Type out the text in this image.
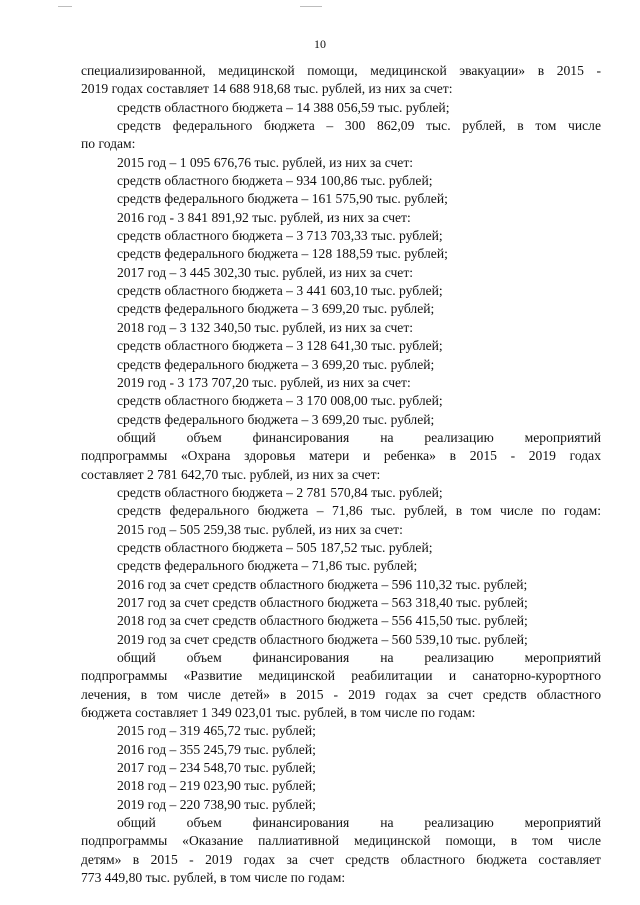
10
специализированной, медицинской помощи, медицинской эвакуации» в 2015 -
2019 годах составляет 14 688 918,68 тыс. рублей, из них за счет:
средств областного бюджета – 14 388 056,59 тыс. рублей;
средств федерального бюджета – 300 862,09 тыс. рублей, в том числе
по годам:
2015 год – 1 095 676,76 тыс. рублей, из них за счет:
средств областного бюджета – 934 100,86 тыс. рублей;
средств федерального бюджета – 161 575,90 тыс. рублей;
2016 год - 3 841 891,92 тыс. рублей, из них за счет:
средств областного бюджета – 3 713 703,33 тыс. рублей;
средств федерального бюджета – 128 188,59 тыс. рублей;
2017 год – 3 445 302,30 тыс. рублей, из них за счет:
средств областного бюджета – 3 441 603,10 тыс. рублей;
средств федерального бюджета – 3 699,20 тыс. рублей;
2018 год – 3 132 340,50 тыс. рублей, из них за счет:
средств областного бюджета – 3 128 641,30 тыс. рублей;
средств федерального бюджета – 3 699,20 тыс. рублей;
2019 год - 3 173 707,20 тыс. рублей, из них за счет:
средств областного бюджета – 3 170 008,00 тыс. рублей;
средств федерального бюджета – 3 699,20 тыс. рублей;
общий объем финансирования на реализацию мероприятий
подпрограммы «Охрана здоровья матери и ребенка» в 2015 - 2019 годах
составляет 2 781 642,70 тыс. рублей, из них за счет:
средств областного бюджета – 2 781 570,84 тыс. рублей;
средств федерального бюджета – 71,86 тыс. рублей, в том числе по годам:
2015 год – 505 259,38 тыс. рублей, из них за счет:
средств областного бюджета – 505 187,52 тыс. рублей;
средств федерального бюджета – 71,86 тыс. рублей;
2016 год за счет средств областного бюджета – 596 110,32 тыс. рублей;
2017 год за счет средств областного бюджета – 563 318,40 тыс. рублей;
2018 год за счет средств областного бюджета – 556 415,50 тыс. рублей;
2019 год за счет средств областного бюджета – 560 539,10 тыс. рублей;
общий объем финансирования на реализацию мероприятий
подпрограммы «Развитие медицинской реабилитации и санаторно-курортного
лечения, в том числе детей» в 2015 - 2019 годах за счет средств областного
бюджета составляет 1 349 023,01 тыс. рублей, в том числе по годам:
2015 год – 319 465,72 тыс. рублей;
2016 год – 355 245,79 тыс. рублей;
2017 год – 234 548,70 тыс. рублей;
2018 год – 219 023,90 тыс. рублей;
2019 год – 220 738,90 тыс. рублей;
общий объем финансирования на реализацию мероприятий
подпрограммы «Оказание паллиативной медицинской помощи, в том числе
детям» в 2015 - 2019 годах за счет средств областного бюджета составляет
773 449,80 тыс. рублей, в том числе по годам:
